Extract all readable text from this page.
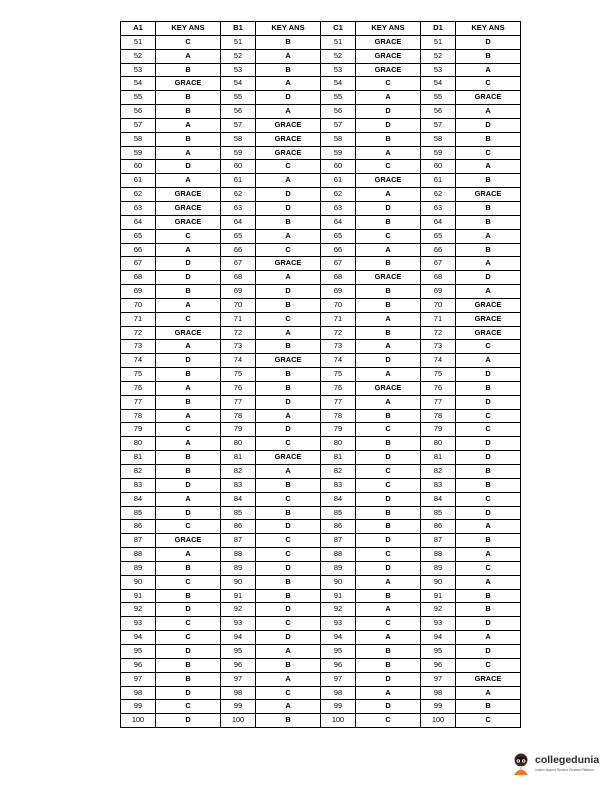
A1	KEY ANS	B1	KEY ANS	C1	KEY ANS	D1	KEY ANS
51	C	51	B	51	GRACE	51	D
52	A	52	A	52	GRACE	52	B
53	B	53	B	53	GRACE	53	A
54	GRACE	54	A	54	C	54	C
55	B	55	D	55	A	55	GRACE
56	B	56	A	56	D	56	A
57	A	57	GRACE	57	D	57	D
58	B	58	GRACE	58	B	58	B
59	A	59	GRACE	59	A	59	C
60	D	60	C	60	C	60	A
61	A	61	A	61	GRACE	61	B
62	GRACE	62	D	62	A	62	GRACE
63	GRACE	63	D	63	D	63	B
64	GRACE	64	B	64	B	64	B
65	C	65	A	65	C	65	A
66	A	66	C	66	A	66	B
67	D	67	GRACE	67	B	67	A
68	D	68	A	68	GRACE	68	D
69	B	69	D	69	B	69	A
70	A	70	B	70	B	70	GRACE
71	C	71	C	71	A	71	GRACE
72	GRACE	72	A	72	B	72	GRACE
73	A	73	B	73	A	73	C
74	D	74	GRACE	74	D	74	A
75	B	75	B	75	A	75	D
76	A	76	B	76	GRACE	76	B
77	B	77	D	77	A	77	D
78	A	78	A	78	B	78	C
79	C	79	D	79	C	79	C
80	A	80	C	80	B	80	D
81	B	81	GRACE	81	D	81	D
82	B	82	A	82	C	82	B
83	D	83	B	83	C	83	B
84	A	84	C	84	D	84	C
85	D	85	B	85	B	85	D
86	C	86	D	86	B	86	A
87	GRACE	87	C	87	D	87	B
88	A	88	C	88	C	88	A
89	B	89	D	89	D	89	C
90	C	90	B	90	A	90	A
91	B	91	B	91	B	91	B
92	D	92	D	92	A	92	B
93	C	93	C	93	C	93	D
94	C	94	D	94	A	94	A
95	D	95	A	95	B	95	D
96	B	96	B	96	B	96	C
97	B	97	A	97	D	97	GRACE
98	D	98	C	98	A	98	A
99	C	99	A	99	D	99	B
100	D	100	B	100	C	100	C
collegedunia
India's largest Student Review Platform
